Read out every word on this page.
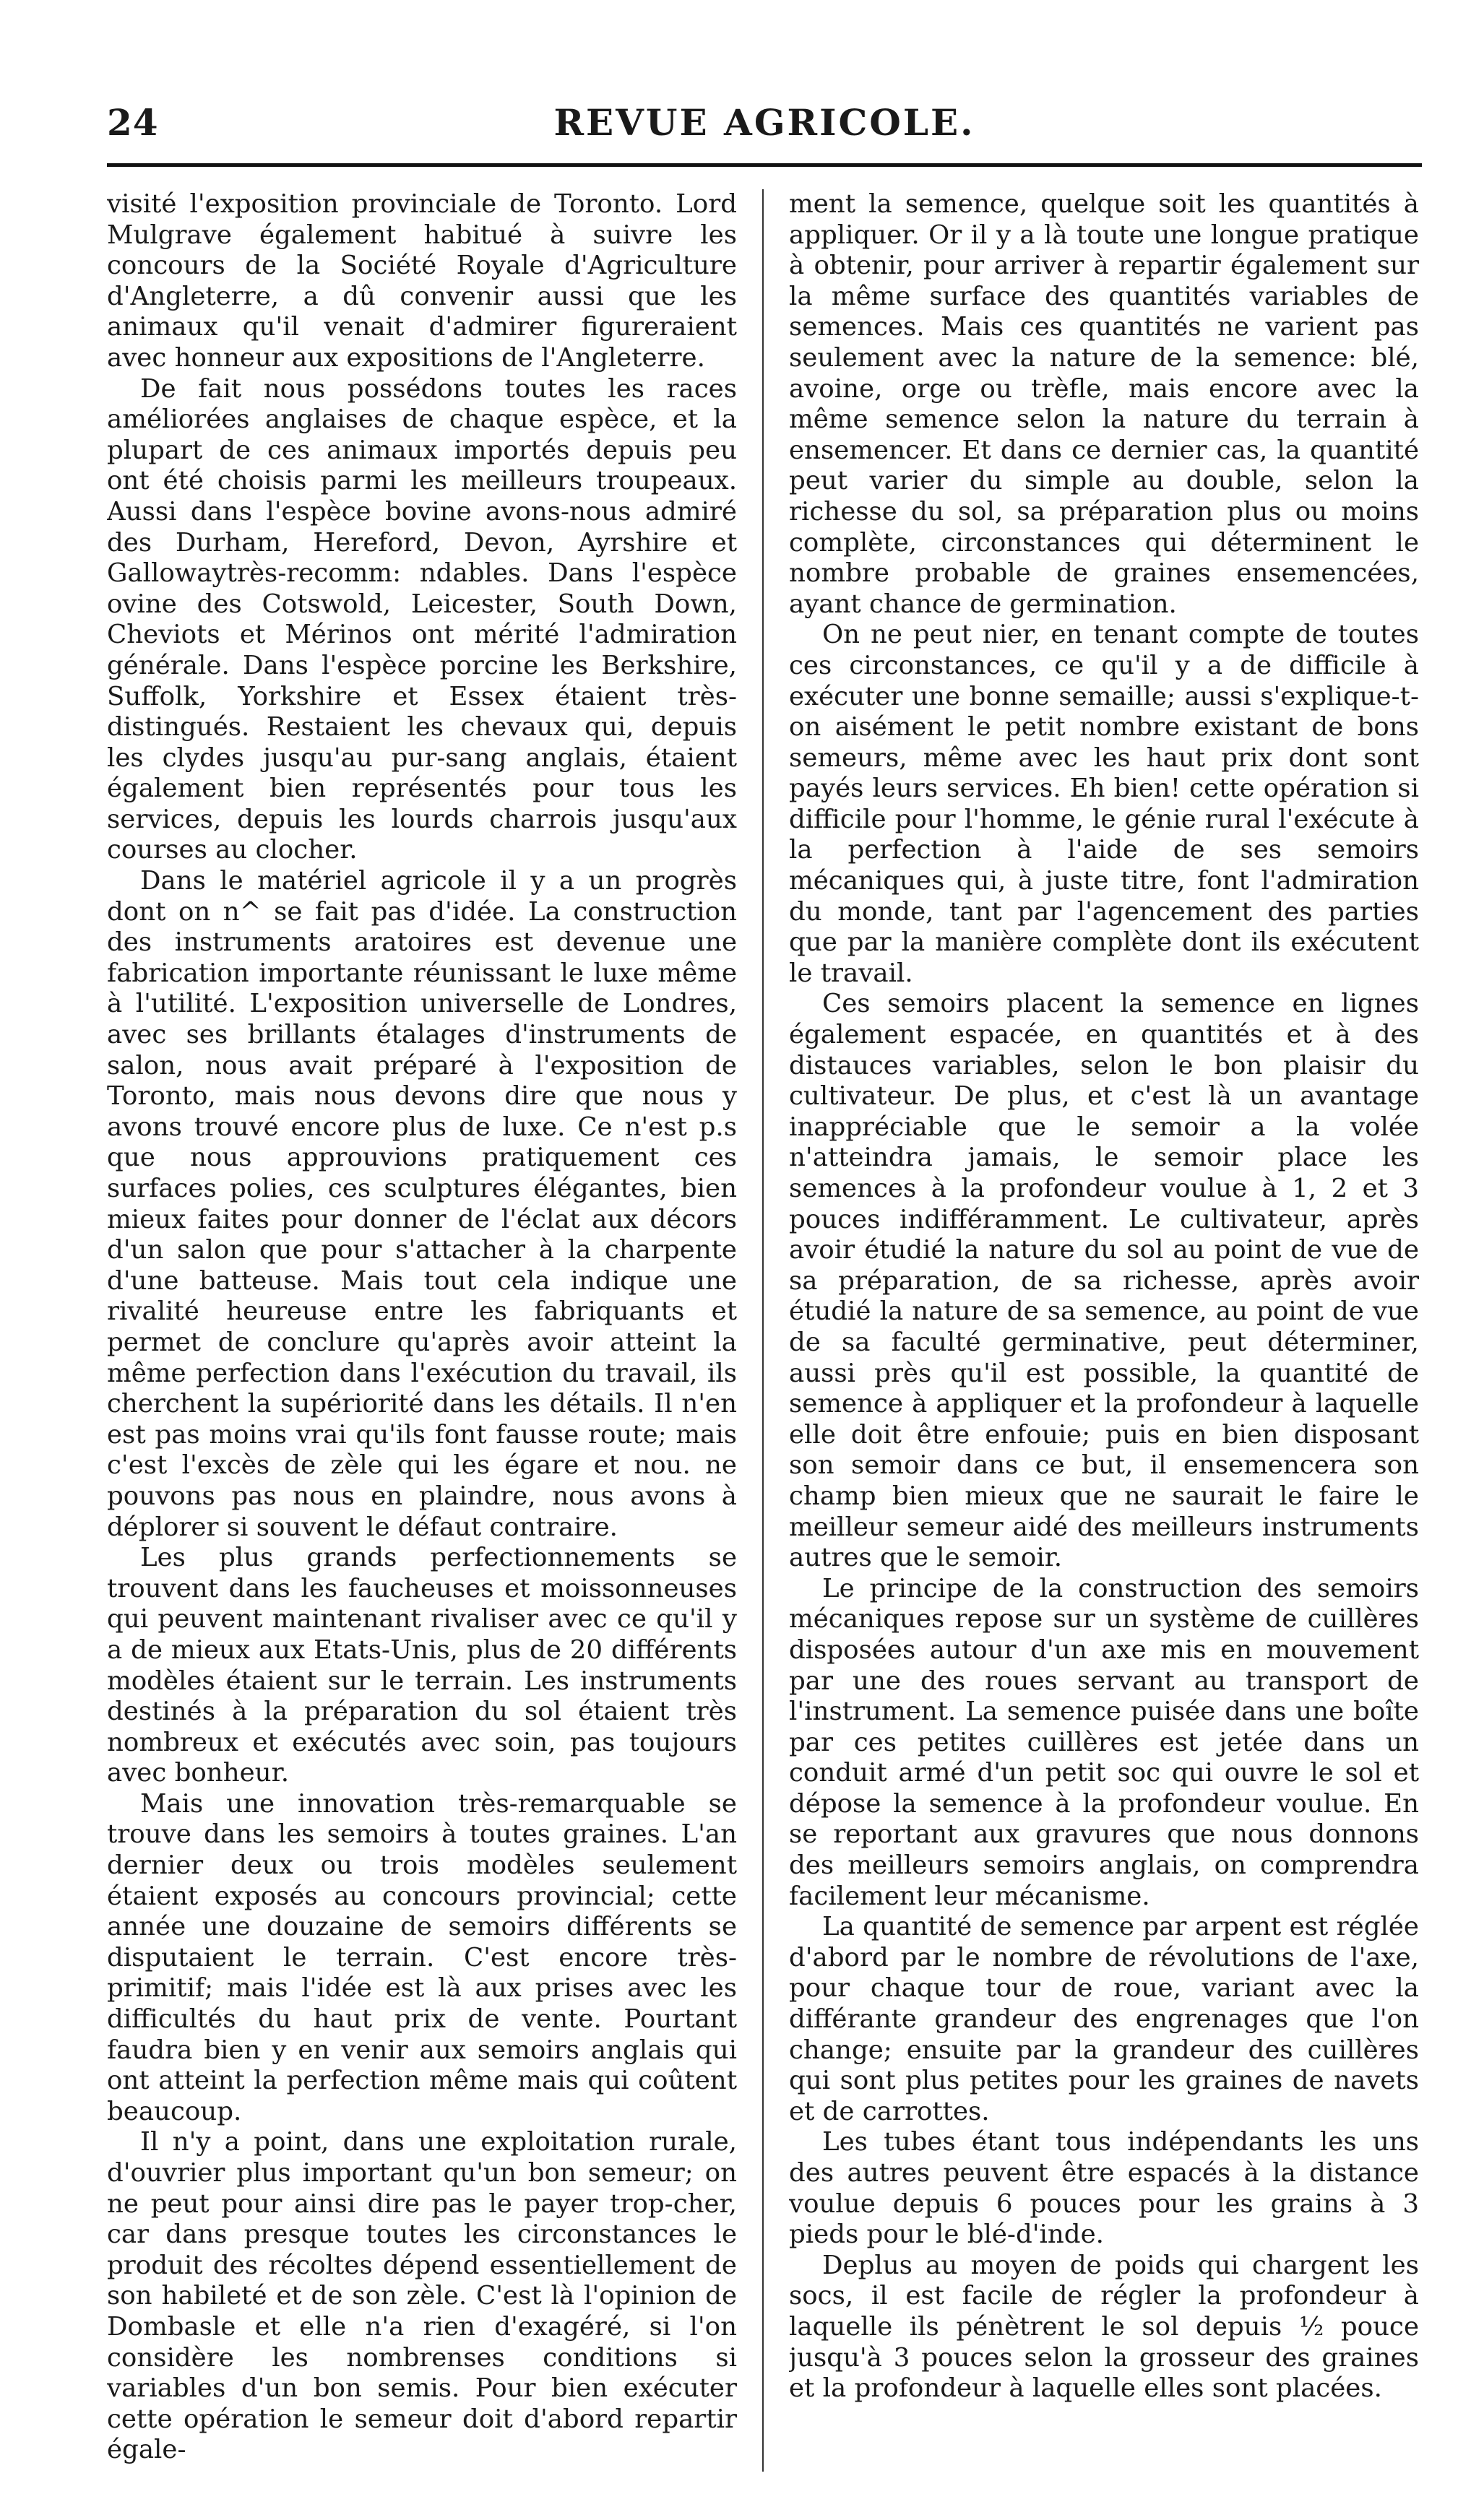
24	REVUE AGRICOLE.

visité l'exposition provinciale de Toronto. Lord Mulgrave également habitué à suivre les concours de la Société Royale d'Agriculture d'Angleterre, a dû convenir aussi que les animaux qu'il venait d'admirer figureraient avec honneur aux expositions de l'Angleterre.

De fait nous possédons toutes les races améliorées anglaises de chaque espèce, et la plupart de ces animaux importés depuis peu ont été choisis parmi les meilleurs troupeaux. Aussi dans l'espèce bovine avons-nous admiré des Durham, Hereford, Devon, Ayrshire et Gallowaytrès-recomm: ndables. Dans l'espèce ovine des Cotswold, Leicester, South Down, Cheviots et Mérinos ont mérité l'admiration générale. Dans l'espèce porcine les Berkshire, Suffolk, Yorkshire et Essex étaient très-distingués. Restaient les chevaux qui, depuis les clydes jusqu'au pur-sang anglais, étaient également bien représentés pour tous les services, depuis les lourds charrois jusqu'aux courses au clocher.

Dans le matériel agricole il y a un progrès dont on n^ se fait pas d'idée. La construction des instruments aratoires est devenue une fabrication importante réunissant le luxe même à l'utilité. L'exposition universelle de Londres, avec ses brillants étalages d'instruments de salon, nous avait préparé à l'exposition de Toronto, mais nous devons dire que nous y avons trouvé encore plus de luxe. Ce n'est p.s que nous approuvions pratiquement ces surfaces polies, ces sculptures élégantes, bien mieux faites pour donner de l'éclat aux décors d'un salon que pour s'attacher à la charpente d'une batteuse. Mais tout cela indique une rivalité heureuse entre les fabriquants et permet de conclure qu'après avoir atteint la même perfection dans l'exécution du travail, ils cherchent la supériorité dans les détails. Il n'en est pas moins vrai qu'ils font fausse route; mais c'est l'excès de zèle qui les égare et nou. ne pouvons pas nous en plaindre, nous avons à déplorer si souvent le défaut contraire.

Les plus grands perfectionnements se trouvent dans les faucheuses et moissonneuses qui peuvent maintenant rivaliser avec ce qu'il y a de mieux aux Etats-Unis, plus de 20 différents modèles étaient sur le terrain. Les instruments destinés à la préparation du sol étaient très nombreux et exécutés avec soin, pas toujours avec bonheur.

Mais une innovation très-remarquable se trouve dans les semoirs à toutes graines. L'an dernier deux ou trois modèles seulement étaient exposés au concours provincial; cette année une douzaine de semoirs différents se disputaient le terrain. C'est encore très-primitif; mais l'idée est là aux prises avec les difficultés du haut prix de vente. Pourtant faudra bien y en venir aux semoirs anglais qui ont atteint la perfection même mais qui coûtent beaucoup.

Il n'y a point, dans une exploitation rurale, d'ouvrier plus important qu'un bon semeur; on ne peut pour ainsi dire pas le payer trop-cher, car dans presque toutes les circonstances le produit des récoltes dépend essentiellement de son habileté et de son zèle. C'est là l'opinion de Dombasle et elle n'a rien d'exagéré, si l'on considère les nombrenses conditions si variables d'un bon semis. Pour bien exécuter cette opération le semeur doit d'abord repartir égale-

ment la semence, quelque soit les quantités à appliquer. Or il y a là toute une longue pratique à obtenir, pour arriver à repartir également sur la même surface des quantités variables de semences. Mais ces quantités ne varient pas seulement avec la nature de la semence: blé, avoine, orge ou trèfle, mais encore avec la même semence selon la nature du terrain à ensemencer. Et dans ce dernier cas, la quantité peut varier du simple au double, selon la richesse du sol, sa préparation plus ou moins complète, circonstances qui déterminent le nombre probable de graines ensemencées, ayant chance de germination.

On ne peut nier, en tenant compte de toutes ces circonstances, ce qu'il y a de difficile à exécuter une bonne semaille; aussi s'explique-t-on aisément le petit nombre existant de bons semeurs, même avec les haut prix dont sont payés leurs services. Eh bien! cette opération si difficile pour l'homme, le génie rural l'exécute à la perfection à l'aide de ses semoirs mécaniques qui, à juste titre, font l'admiration du monde, tant par l'agencement des parties que par la manière complète dont ils exécutent le travail.

Ces semoirs placent la semence en lignes également espacée, en quantités et à des distauces variables, selon le bon plaisir du cultivateur. De plus, et c'est là un avantage inappréciable que le semoir a la volée n'atteindra jamais, le semoir place les semences à la profondeur voulue à 1, 2 et 3 pouces indifféramment. Le cultivateur, après avoir étudié la nature du sol au point de vue de sa préparation, de sa richesse, après avoir étudié la nature de sa semence, au point de vue de sa faculté germinative, peut déterminer, aussi près qu'il est possible, la quantité de semence à appliquer et la profondeur à laquelle elle doit être enfouie; puis en bien disposant son semoir dans ce but, il ensemencera son champ bien mieux que ne saurait le faire le meilleur semeur aidé des meilleurs instruments autres que le semoir.

Le principe de la construction des semoirs mécaniques repose sur un système de cuillères disposées autour d'un axe mis en mouvement par une des roues servant au transport de l'instrument. La semence puisée dans une boîte par ces petites cuillères est jetée dans un conduit armé d'un petit soc qui ouvre le sol et dépose la semence à la profondeur voulue. En se reportant aux gravures que nous donnons des meilleurs semoirs anglais, on comprendra facilement leur mécanisme.

La quantité de semence par arpent est réglée d'abord par le nombre de révolutions de l'axe, pour chaque tour de roue, variant avec la différante grandeur des engrenages que l'on change; ensuite par la grandeur des cuillères qui sont plus petites pour les graines de navets et de carrottes.

Les tubes étant tous indépendants les uns des autres peuvent être espacés à la distance voulue depuis 6 pouces pour les grains à 3 pieds pour le blé-d'inde.

Deplus au moyen de poids qui chargent les socs, il est facile de régler la profondeur à laquelle ils pénètrent le sol depuis ½ pouce jusqu'à 3 pouces selon la grosseur des graines et la profondeur à laquelle elles sont placées.
